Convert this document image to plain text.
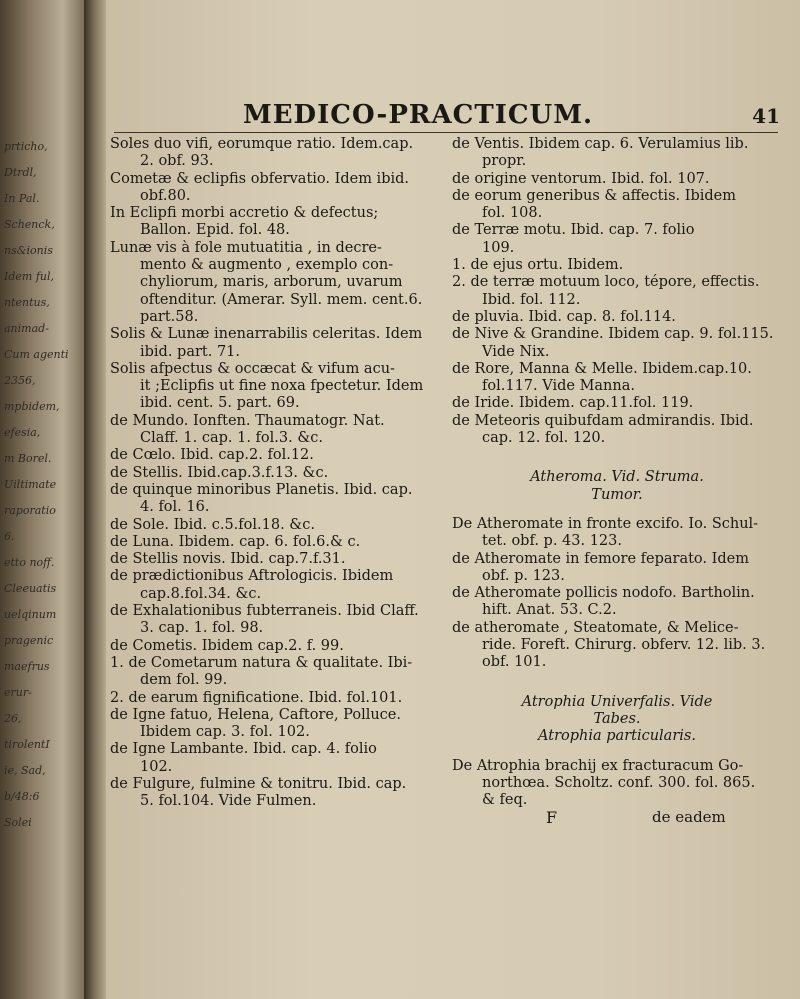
prticho,
Dtrdl,
In Pal.
Schenck,
ns&ionis
Idem ful,
ntentus,
animad-
Cum agenti
2356,
mpbidem,
efesia,
m Borel.
Uiltimate
raporatio
6.
etto noff.
Cleeuatis
uelqinum
pragenic
maefrus
erur-
26,
tirolentI
ie, Sad,
b/48:6
Solei
MEDICO-PRACTICUM.	41

Soles duo vifi, eorumque ratio. Idem.cap.

2. obf. 93.

Cometæ & eclipfis obfervatio. Idem ibid.

obf.80.

In Eclipfi morbi accretio & defectus;

Ballon. Epid. fol. 48.

Lunæ vis à fole mutuatitia , in decre-

mento & augmento , exemplo con-

chyliorum, maris, arborum, uvarum

oftenditur. (Amerar. Syll. mem. cent.6.

part.58.

Solis & Lunæ inenarrabilis celeritas. Idem

ibid. part. 71.

Solis afpectus & occæcat & vifum acu-

it ;Eclipfis ut fine noxa fpectetur. Idem

ibid. cent. 5. part. 69.

de Mundo. Ionften. Thaumatogr. Nat.

Claff. 1. cap. 1. fol.3. &c.

de Cœlo. Ibid. cap.2. fol.12.

de Stellis. Ibid.cap.3.f.13. &c.

de quinque minoribus Planetis. Ibid. cap.

4. fol. 16.

de Sole. Ibid. c.5.fol.18. &c.

de Luna. Ibidem. cap. 6. fol.6.& c.

de Stellis novis. Ibid. cap.7.f.31.

de prædictionibus Aftrologicis. Ibidem

cap.8.fol.34. &c.

de Exhalationibus fubterraneis. Ibid Claff.

3. cap. 1. fol. 98.

de Cometis. Ibidem cap.2. f. 99.

1. de Cometarum natura & qualitate. Ibi-

dem fol. 99.

2. de earum fignificatione. Ibid. fol.101.

de Igne fatuo, Helena, Caftore, Polluce.

Ibidem cap. 3. fol. 102.

de Igne Lambante. Ibid. cap. 4. folio

102.

de Fulgure, fulmine & tonitru. Ibid. cap.

5. fol.104. Vide Fulmen.

de Ventis. Ibidem cap. 6. Verulamius lib.

propr.

de origine ventorum. Ibid. fol. 107.

de eorum generibus & affectis. Ibidem

fol. 108.

de Terræ motu. Ibid. cap. 7. folio

109.

1. de ejus ortu. Ibidem.

2. de terræ motuum loco, tépore, effectis.

Ibid. fol. 112.

de pluvia. Ibid. cap. 8. fol.114.

de Nive & Grandine. Ibidem cap. 9. fol.115.

Vide Nix.

de Rore, Manna & Melle. Ibidem.cap.10.

fol.117. Vide Manna.

de Iride. Ibidem. cap.11.fol. 119.

de Meteoris quibufdam admirandis. Ibid.

cap. 12. fol. 120.

Atheroma. Vid. Struma.

Tumor.

De Atheromate in fronte excifo. Io. Schul-

tet. obf. p. 43. 123.

de Atheromate in femore feparato. Idem

obf. p. 123.

de Atheromate pollicis nodofo. Bartholin.

hift. Anat. 53. C.2.

de atheromate , Steatomate, & Melice-

ride. Foreft. Chirurg. obferv. 12. lib. 3.

obf. 101.

Atrophia Univerfalis. Vide

Tabes.

Atrophia particularis.

De Atrophia brachij ex fracturacum Go-

northœa. Scholtz. conf. 300. fol. 865.

& feq.

F	de eadem
